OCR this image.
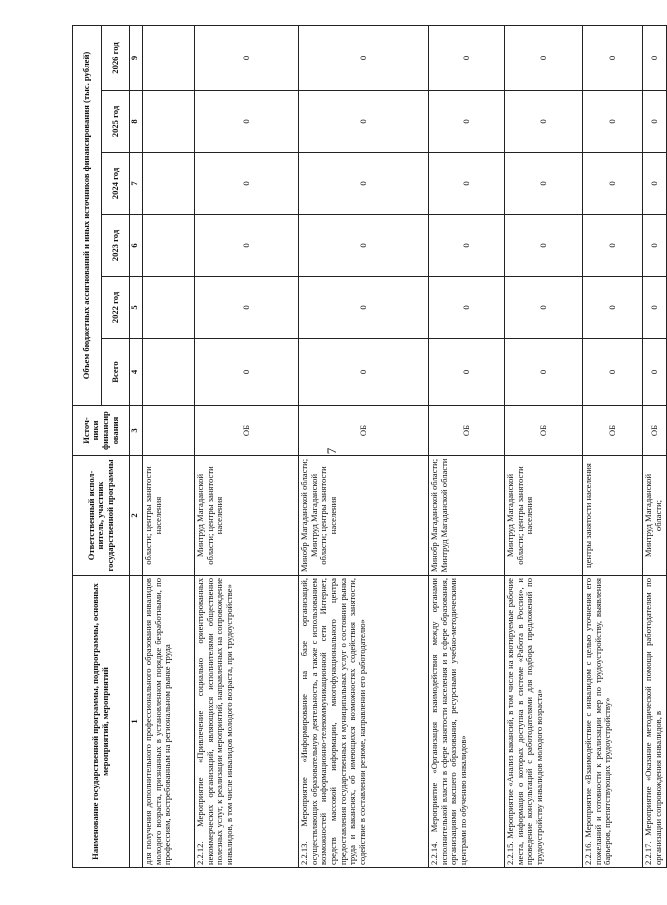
7
Наименование государственной программы, подпрограммы, основных мероприятий, мероприятий	Ответственный испол-нитель, участник государственной программы	Источ-ники финансир ования	Объем бюджетных ассигнований и иных источников финансирования (тыс. рублей)					
			Всего	2022 год	2023 год	2024 год	2025 год	2026 год
1	2	3	4	5	6	7	8	9
для получения дополнительного профессионального образования инвалидов молодого возраста, признанных в установленном порядке безработными, по профессиям, востребованным на региональном рынке труда	области; центры занятости населения							
2.2.12. Мероприятие «Привлечение социально ориентированных некоммерческих организаций, являющихся исполнителями общественно полезных услуг, к реализации мероприятий, направленных на сопровождение инвалидов, в том числе инвалидов молодого возраста, при трудоустройстве»	Минтруд Магаданской области; центры занятости населения	ОБ	0	0	0	0	0	0
2.2.13. Мероприятие «Информирование на базе организаций, осуществляющих образовательную деятельность, а также с использованием возможностей информационно-телекоммуникационной сети Интернет, средств массовой информации, многофункционального центра предоставления государственных и муниципальных услуг о состоянии рынка труда и вакансиях, об имеющихся возможностях содействия занятости, содействие в составлении резюме, направлении его работодателю»	Минобр Магаданской области; Минтруд Магаданской области; центры занятости населения	ОБ	0	0	0	0	0	0
2.2.14. Мероприятие «Организация взаимодействия между органами исполнительной власти в сфере занятости населения и в сфере образования, организациями высшего образования, ресурсными учебно-методическими центрами по обучению инвалидов»	Минобр Магаданской области; Минтруд Магаданской области	ОБ	0	0	0	0	0	0
2.2.15. Мероприятие «Анализ вакансий, в том числе на квотируемые рабочие места, информация о которых доступна в системе «Работа в России», и проведение консультаций с работодателями для подбора предложений по трудоустройству инвалидов молодого возраста»	Минтруд Магаданской области; центры занятости населения	ОБ	0	0	0	0	0	0
2.2.16. Мероприятие «Взаимодействие с инвалидом с целью уточнения его пожеланий и готовности к реализации мер по трудоустройству, выявления барьеров, препятствующих трудоустройству»	центры занятости населения	ОБ	0	0	0	0	0	0
2.2.17. Мероприятие «Оказание методической помощи работодателям по организации сопровождения инвалидов, в	Минтруд Магаданской области;	ОБ	0	0	0	0	0	0
